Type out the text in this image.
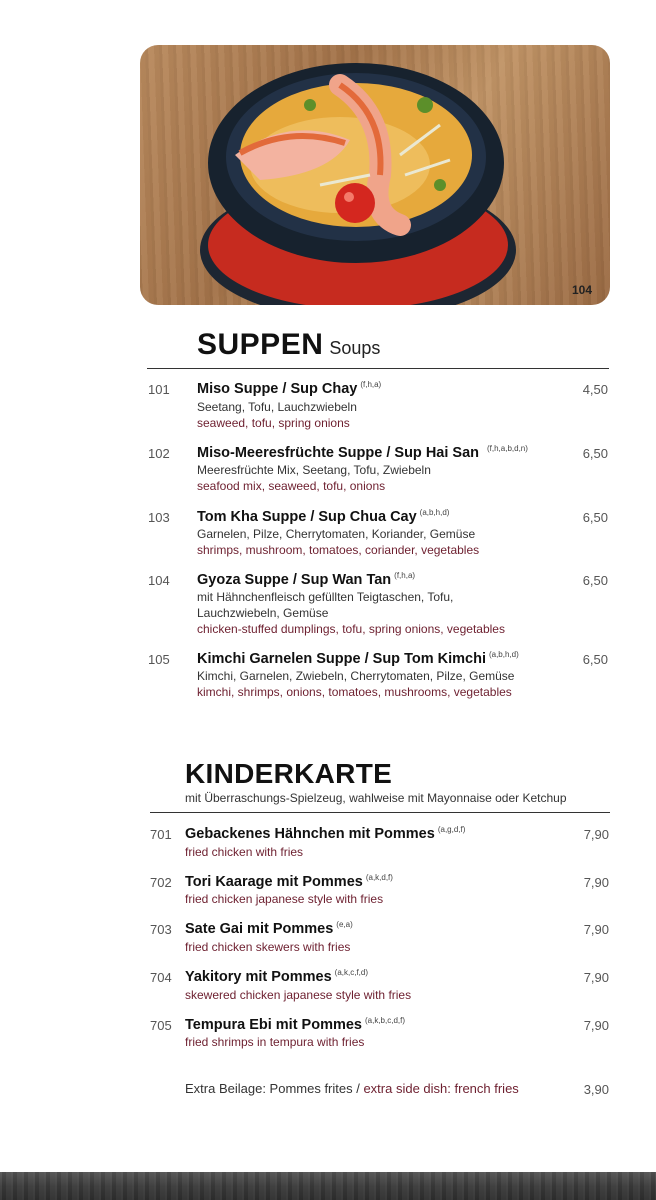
104
SUPPEN Soups
101 Miso Suppe / Sup Chay $^{(f,h,a)}$	4,50
Seetang, Tofu, Lauchzwiebeln
seaweed, tofu, spring onions
102 Miso-Meeresfrüchte Suppe / Sup Hai San $^{(f,h,a,b,d,n)}$	6,50
Meeresfrüchte Mix, Seetang, Tofu, Zwiebeln
seafood mix, seaweed, tofu, onions
103 Tom Kha Suppe / Sup Chua Cay $^{(a,b,h,d)}$	6,50
Garnelen, Pilze, Cherrytomaten, Koriander, Gemüse
shrimps, mushroom, tomatoes, coriander, vegetables
104 Gyoza Suppe / Sup Wan Tan $^{(f,h,a)}$	6,50
mit Hähnchenfleisch gefüllten Teigtaschen, Tofu,
Lauchzwiebeln, Gemüse
chicken-stuffed dumplings, tofu, spring onions, vegetables
105 Kimchi Garnelen Suppe / Sup Tom Kimchi $^{(a,b,h,d)}$	6,50
Kimchi, Garnelen, Zwiebeln, Cherrytomaten, Pilze, Gemüse
kimchi, shrimps, onions, tomatoes, mushrooms, vegetables
KINDERKARTE
mit Überraschungs-Spielzeug, wahlweise mit Mayonnaise oder Ketchup
701 Gebackenes Hähnchen mit Pommes $^{(a,g,d,f)}$	7,90
fried chicken with fries
702 Tori Kaarage mit Pommes $^{(a,k,d,f)}$	7,90
fried chicken japanese style with fries
703 Sate Gai mit Pommes $^{(e,a)}$	7,90
fried chicken skewers with fries
704 Yakitory mit Pommes $^{(a,k,c,f,d)}$	7,90
skewered chicken japanese style with fries
705 Tempura Ebi mit Pommes $^{(a,k,b,c,d,f)}$	7,90
fried shrimps in tempura with fries
Extra Beilage: Pommes frites / extra side dish: french fries	3,90
